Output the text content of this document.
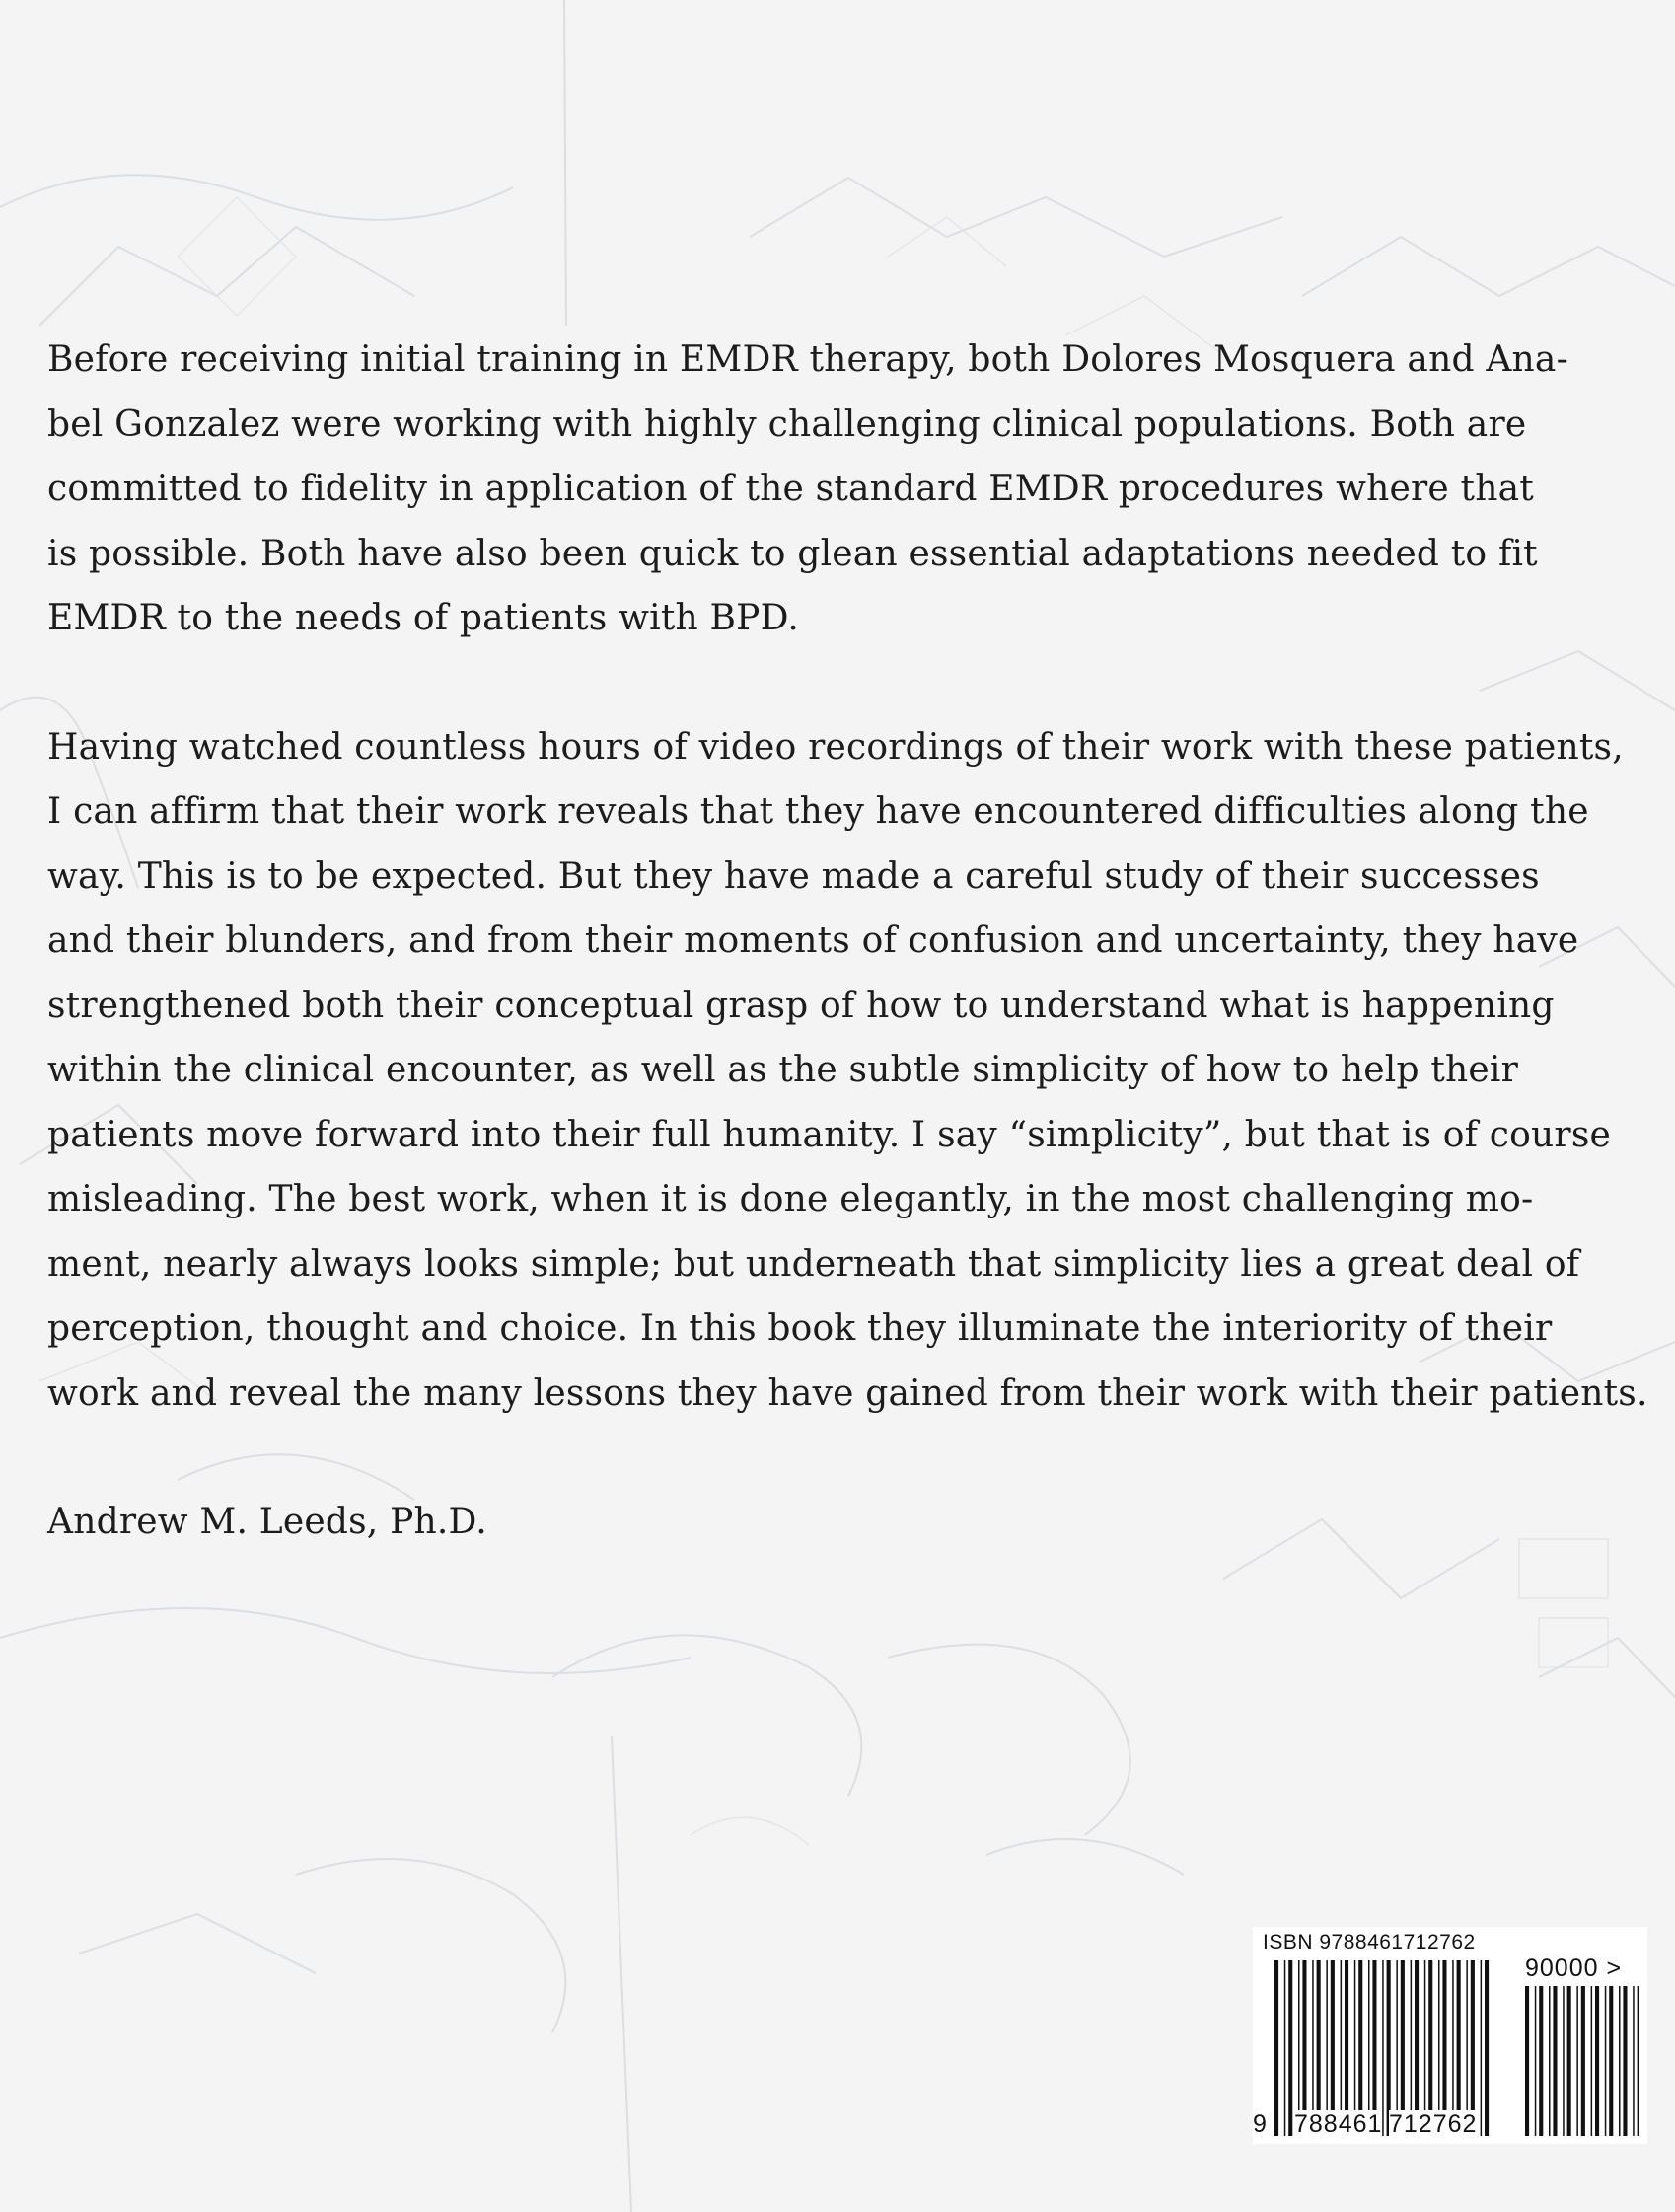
Before receiving initial training in EMDR therapy, both Dolores Mosquera and Ana-
bel Gonzalez were working with highly challenging clinical populations. Both are
committed to fidelity in application of the standard EMDR procedures where that
is possible. Both have also been quick to glean essential adaptations needed to fit
EMDR to the needs of patients with BPD.

Having watched countless hours of video recordings of their work with these patients,
I can affirm that their work reveals that they have encountered difficulties along the
way. This is to be expected. But they have made a careful study of their successes
and their blunders, and from their moments of confusion and uncertainty, they have
strengthened both their conceptual grasp of how to understand what is happening
within the clinical encounter, as well as the subtle simplicity of how to help their
patients move forward into their full humanity. I say “simplicity”, but that is of course
misleading. The best work, when it is done elegantly, in the most challenging mo-
ment, nearly always looks simple; but underneath that simplicity lies a great deal of
perception, thought and choice. In this book they illuminate the interiority of their
work and reveal the many lessons they have gained from their work with their patients.

Andrew M. Leeds, Ph.D.

ISBN 9788461712762
90000 >
9 788461 712762
